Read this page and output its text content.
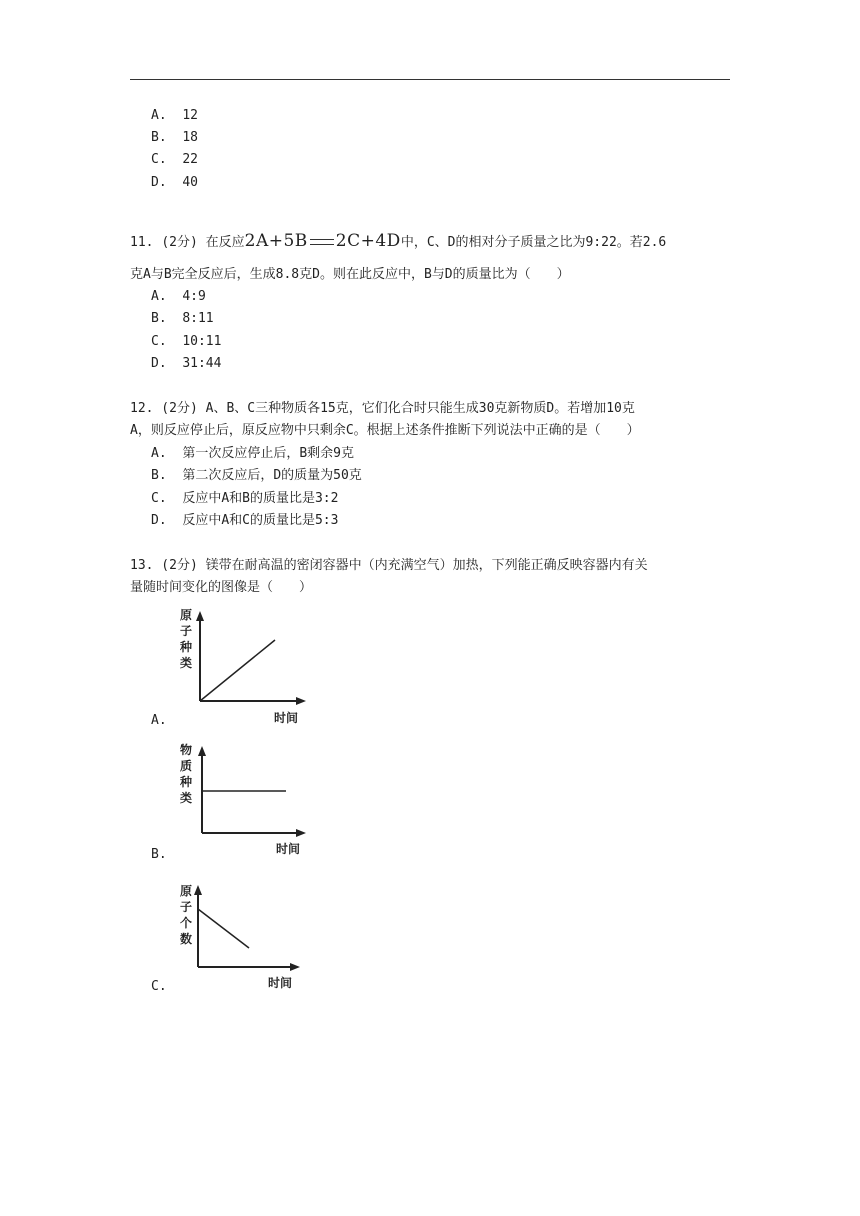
A. 12
B. 18
C. 22
D. 40
11. (2分) 在反应2A+5B 2C+4D中，C、D的相对分子质量之比为9:22。若2.6
克A与B完全反应后，生成8.8克D。则在此反应中，B与D的质量比为（　　）
A. 4:9
B. 8:11
C. 10:11
D. 31:44
12. (2分) A、B、C三种物质各15克，它们化合时只能生成30克新物质D。若增加10克
A，则反应停止后，原反应物中只剩余C。根据上述条件推断下列说法中正确的是（　　）
A. 第一次反应停止后，B剩余9克
B. 第二次反应后，D的质量为50克
C. 反应中A和B的质量比是3:2
D. 反应中A和C的质量比是5:3
13. (2分) 镁带在耐高温的密闭容器中（内充满空气）加热，下列能正确反映容器内有关
量随时间变化的图像是（　　）
原
子
种
类
时间
A.
物
质
种
类
时间
B.
原
子
个
数
时间
C.
